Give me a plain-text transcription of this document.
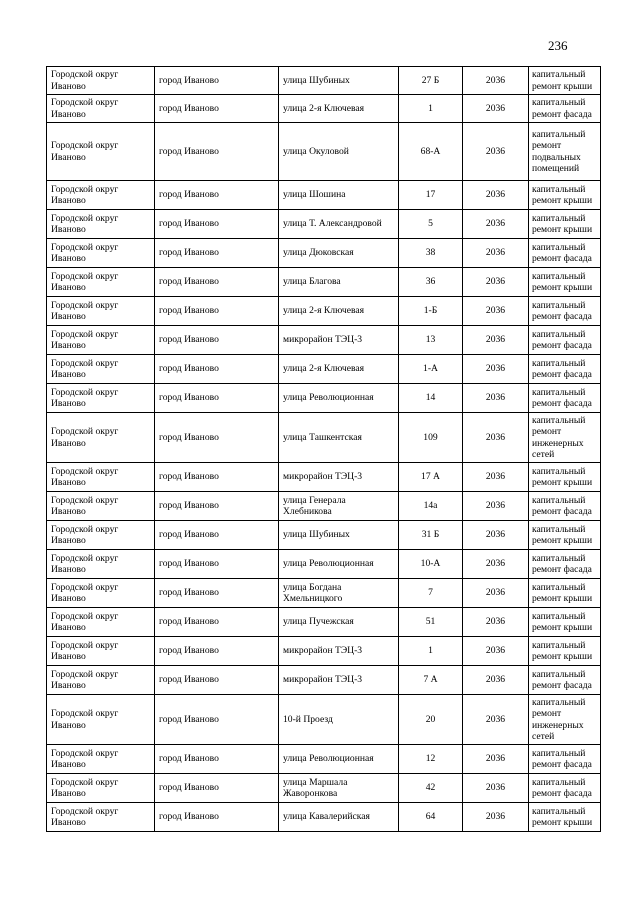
236
Городской округ Иваново	город Иваново	улица Шубиных	27 Б	2036	капитальный ремонт крыши
Городской округ Иваново	город Иваново	улица 2-я Ключевая	1	2036	капитальный ремонт фасада
Городской округ Иваново	город Иваново	улица Окуловой	68-А	2036	капитальный ремонт подвальных помещений
Городской округ Иваново	город Иваново	улица Шошина	17	2036	капитальный ремонт крыши
Городской округ Иваново	город Иваново	улица Т. Александровой	5	2036	капитальный ремонт крыши
Городской округ Иваново	город Иваново	улица Дюковская	38	2036	капитальный ремонт фасада
Городской округ Иваново	город Иваново	улица Благова	36	2036	капитальный ремонт крыши
Городской округ Иваново	город Иваново	улица 2-я Ключевая	1-Б	2036	капитальный ремонт фасада
Городской округ Иваново	город Иваново	микрорайон ТЭЦ-3	13	2036	капитальный ремонт фасада
Городской округ Иваново	город Иваново	улица 2-я Ключевая	1-А	2036	капитальный ремонт фасада
Городской округ Иваново	город Иваново	улица Революционная	14	2036	капитальный ремонт фасада
Городской округ Иваново	город Иваново	улица Ташкентская	109	2036	капитальный ремонт инженерных сетей
Городской округ Иваново	город Иваново	микрорайон ТЭЦ-3	17 А	2036	капитальный ремонт крыши
Городской округ Иваново	город Иваново	улица Генерала Хлебникова	14а	2036	капитальный ремонт фасада
Городской округ Иваново	город Иваново	улица Шубиных	31 Б	2036	капитальный ремонт крыши
Городской округ Иваново	город Иваново	улица Революционная	10-А	2036	капитальный ремонт фасада
Городской округ Иваново	город Иваново	улица Богдана Хмельницкого	7	2036	капитальный ремонт крыши
Городской округ Иваново	город Иваново	улица Пучежская	51	2036	капитальный ремонт крыши
Городской округ Иваново	город Иваново	микрорайон ТЭЦ-3	1	2036	капитальный ремонт крыши
Городской округ Иваново	город Иваново	микрорайон ТЭЦ-3	7 А	2036	капитальный ремонт фасада
Городской округ Иваново	город Иваново	10-й Проезд	20	2036	капитальный ремонт инженерных сетей
Городской округ Иваново	город Иваново	улица Революционная	12	2036	капитальный ремонт фасада
Городской округ Иваново	город Иваново	улица Маршала Жаворонкова	42	2036	капитальный ремонт фасада
Городской округ Иваново	город Иваново	улица Кавалерийская	64	2036	капитальный ремонт крыши
